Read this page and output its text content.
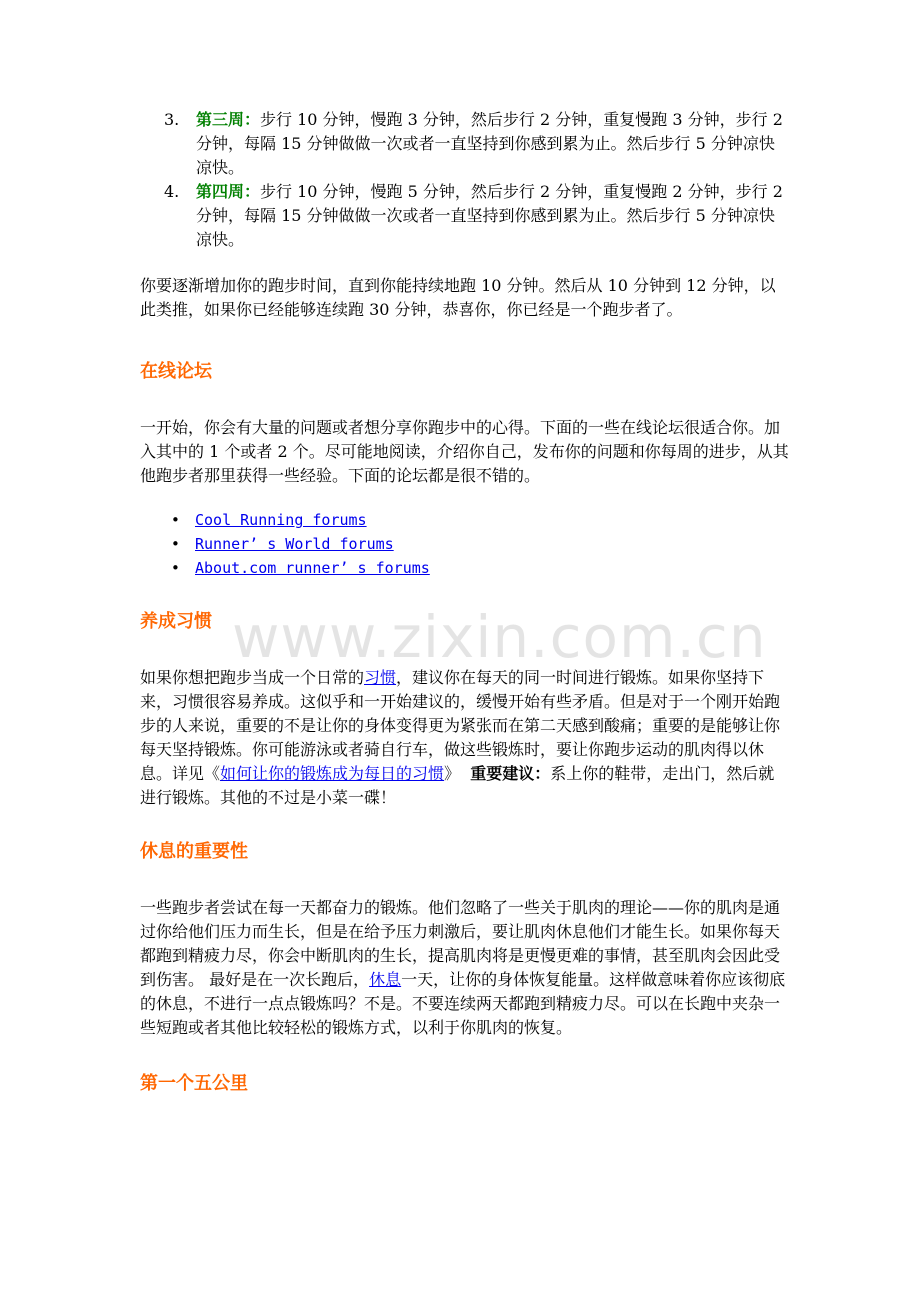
3. 第三周：步行 10 分钟，慢跑 3 分钟，然后步行 2 分钟，重复慢跑 3 分钟，步行 2 分钟，每隔 15 分钟做做一次或者一直坚持到你感到累为止。然后步行 5 分钟凉快凉快。
4. 第四周：步行 10 分钟，慢跑 5 分钟，然后步行 2 分钟，重复慢跑 2 分钟，步行 2 分钟，每隔 15 分钟做做一次或者一直坚持到你感到累为止。然后步行 5 分钟凉快凉快。

你要逐渐增加你的跑步时间，直到你能持续地跑 10 分钟。然后从 10 分钟到 12 分钟，以此类推，如果你已经能够连续跑 30 分钟，恭喜你，你已经是一个跑步者了。

在线论坛

一开始，你会有大量的问题或者想分享你跑步中的心得。下面的一些在线论坛很适合你。加入其中的 1 个或者 2 个。尽可能地阅读，介绍你自己，发布你的问题和你每周的进步，从其他跑步者那里获得一些经验。下面的论坛都是很不错的。

• Cool Running forums
• Runner’ s World forums
• About.com runner’ s forums
养成习惯

如果你想把跑步当成一个日常的习惯，建议你在每天的同一时间进行锻炼。如果你坚持下来，习惯很容易养成。这似乎和一开始建议的，缓慢开始有些矛盾。但是对于一个刚开始跑步的人来说，重要的不是让你的身体变得更为紧张而在第二天感到酸痛；重要的是能够让你每天坚持锻炼。你可能游泳或者骑自行车，做这些锻炼时，要让你跑步运动的肌肉得以休息。详见《如何让你的锻炼成为每日的习惯》  重要建议：系上你的鞋带，走出门，然后就进行锻炼。其他的不过是小菜一碟！

休息的重要性

一些跑步者尝试在每一天都奋力的锻炼。他们忽略了一些关于肌肉的理论——你的肌肉是通过你给他们压力而生长，但是在给予压力刺激后，要让肌肉休息他们才能生长。如果你每天都跑到精疲力尽，你会中断肌肉的生长，提高肌肉将是更慢更难的事情，甚至肌肉会因此受到伤害。 最好是在一次长跑后，休息一天，让你的身体恢复能量。这样做意味着你应该彻底的休息，不进行一点点锻炼吗？不是。不要连续两天都跑到精疲力尽。可以在长跑中夹杂一些短跑或者其他比较轻松的锻炼方式，以利于你肌肉的恢复。

第一个五公里
www.zixin.com.cn
